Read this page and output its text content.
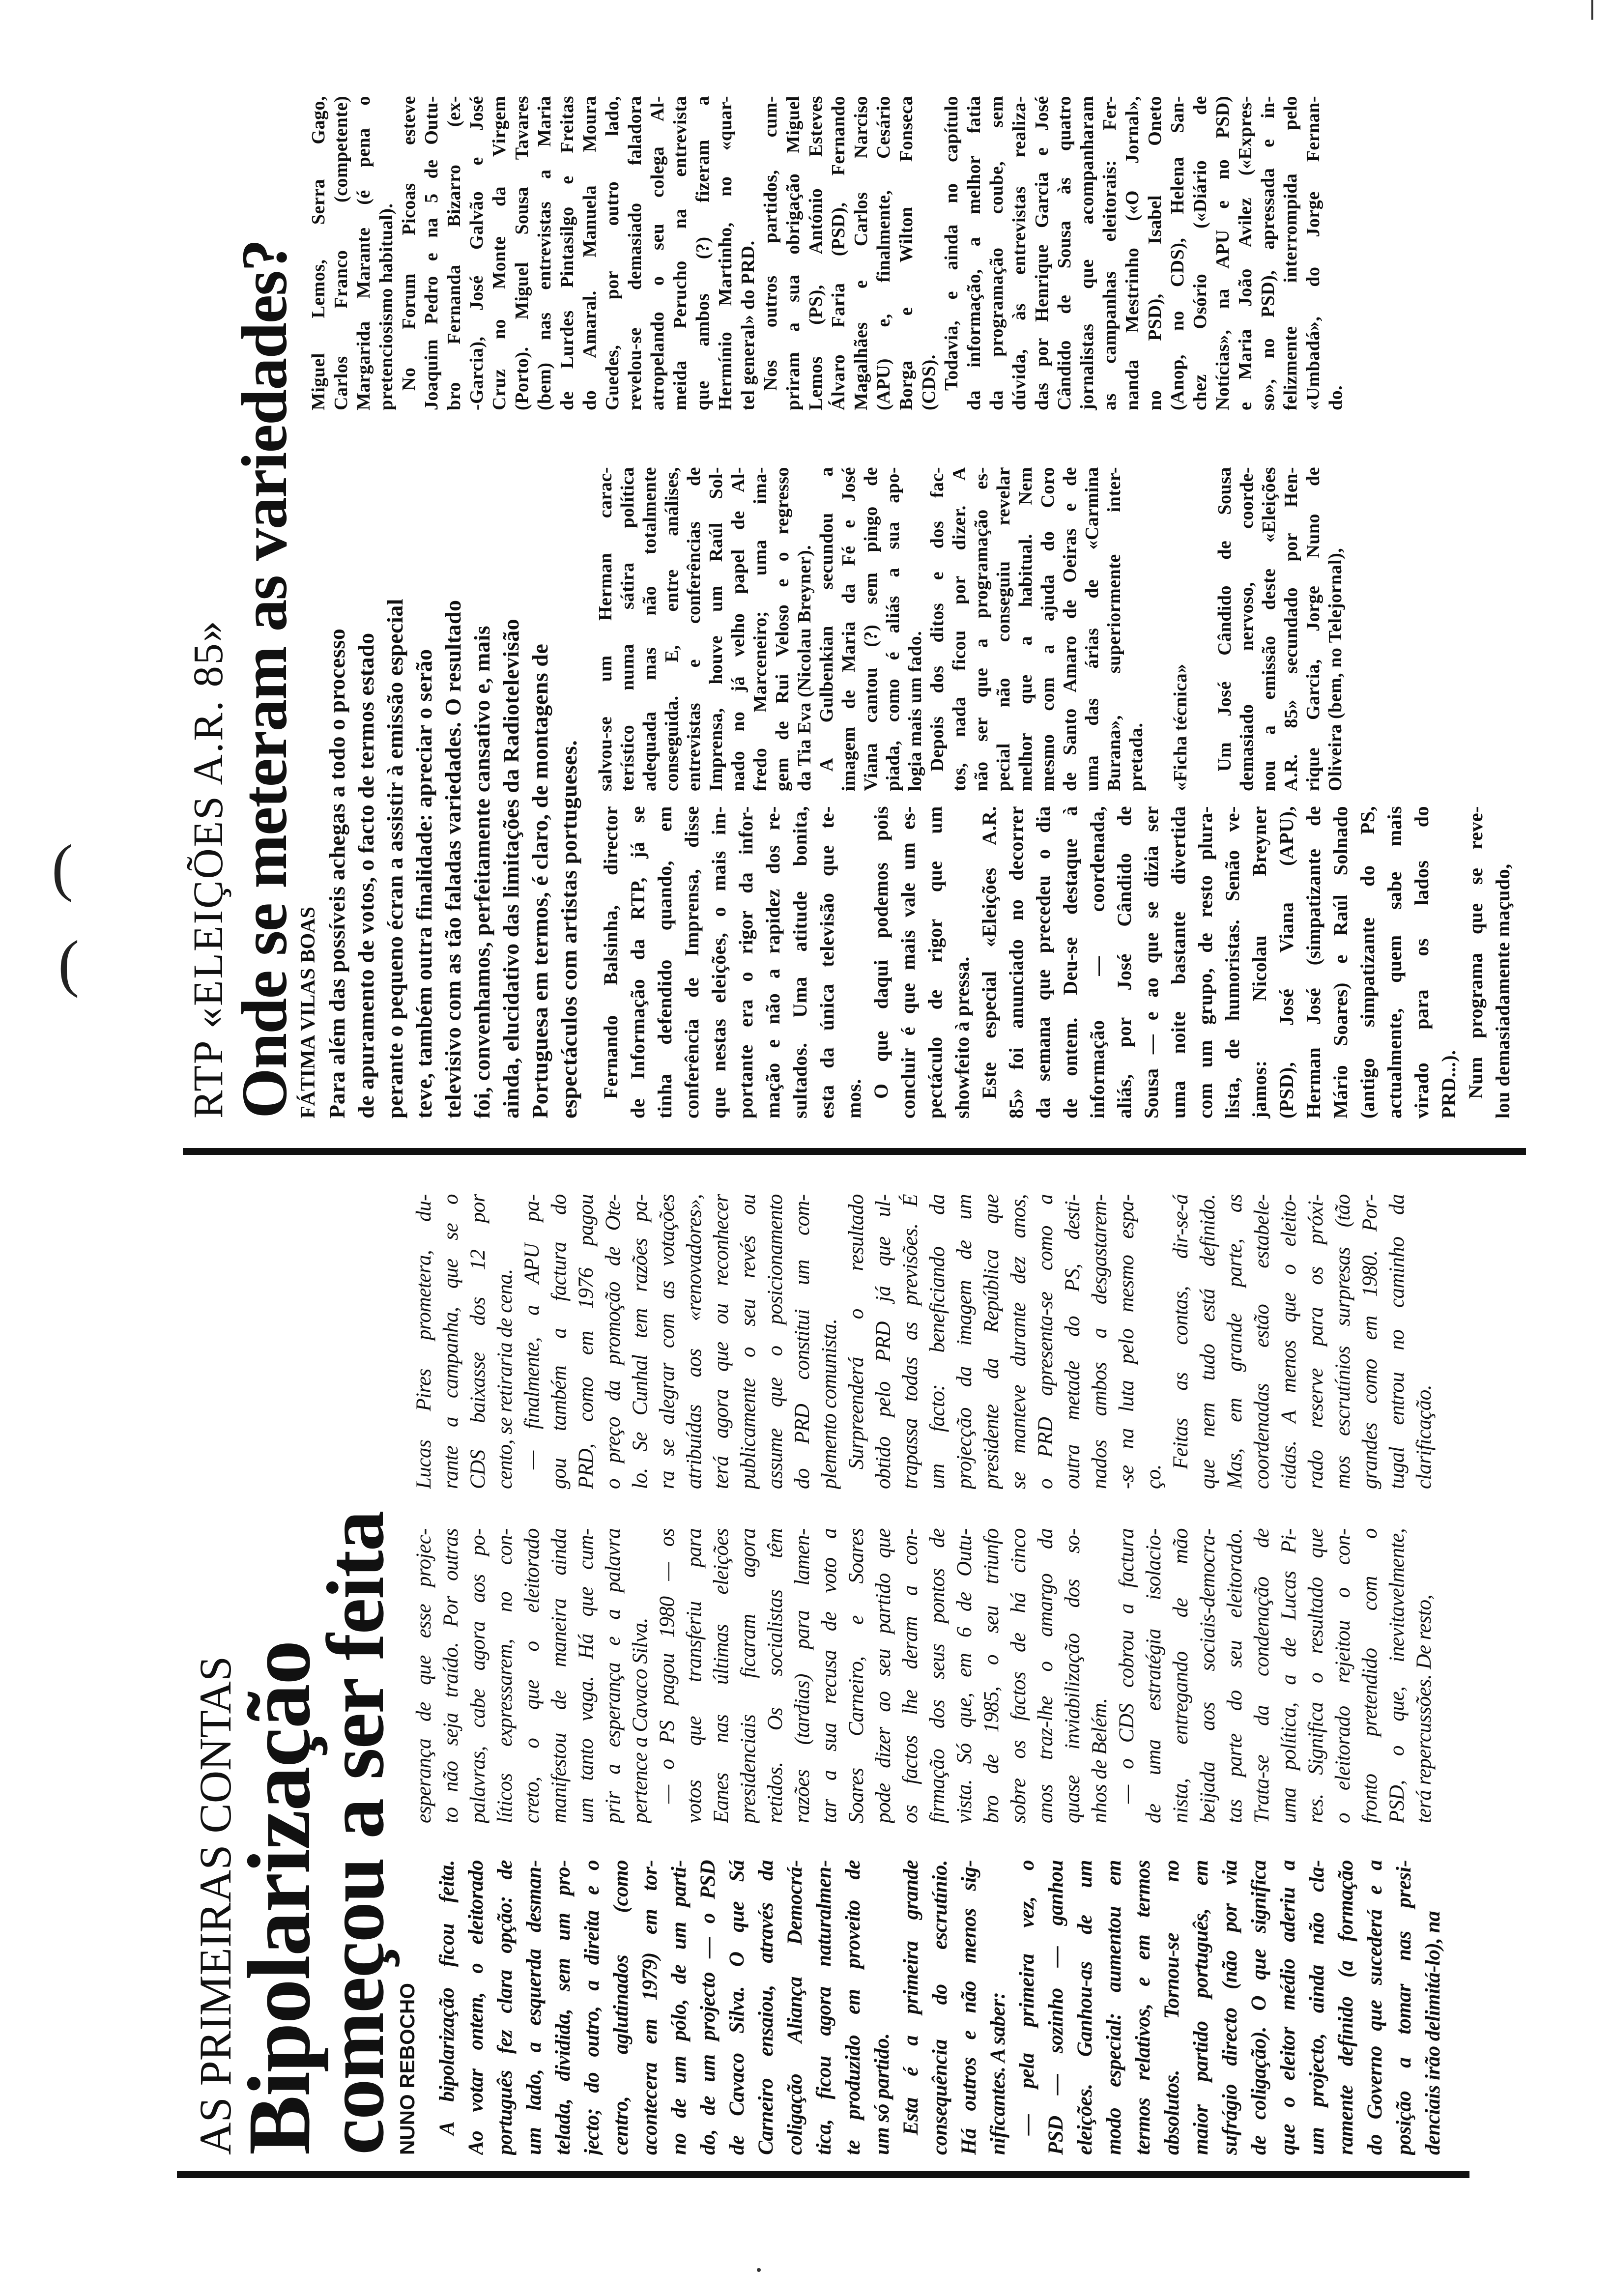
AS PRIMEIRAS CONTAS
Bipolarização
começou a ser feita
NUNO REBOCHO A bipolarização ficou feita. Ao votar ontem, o eleitorado português fez clara opção: de um lado, a esquerda desman- telada, dividida, sem um pro- jecto; do outro, a direita e o centro, aglutinados (como acontecera em 1979) em tor- no de um pólo, de um parti- do, de um projecto — o PSD de Cavaco Silva. O que Sá Carneiro ensaiou, através da coligação Aliança Democrá- tica, ficou agora naturalmen- te produzido em proveito de um só partido. Esta é a primeira grande consequência do escrutínio. Há outros e não menos sig- nificantes. A saber: — pela primeira vez, o PSD — sozinho — ganhou eleições. Ganhou-as de um modo especial: aumentou em termos relativos, e em termos absolutos. Tornou-se no maior partido português, em sufrágio directo (não por via de coligação). O que significa que o eleitor médio aderiu a um projecto, ainda não cla- ramente definido (a formação do Governo que sucederá e a posição a tomar nas presi- denciais irão delimitá-lo), na
esperança de que esse projec- to não seja traído. Por outras palavras, cabe agora aos po- líticos expressarem, no con- creto, o que o eleitorado manifestou de maneira ainda um tanto vaga. Há que cum- prir a esperança e a palavra pertence a Cavaco Silva. — o PS pagou 1980 — os votos que transferiu para Eanes nas últimas eleições presidenciais ficaram agora retidos. Os socialistas têm razões (tardias) para lamen- tar a sua recusa de voto a Soares Carneiro, e Soares pode dizer ao seu partido que os factos lhe deram a con- firmação dos seus pontos de vista. Só que, em 6 de Outu- bro de 1985, o seu triunfo sobre os factos de há cinco anos traz-lhe o amargo da quase inviabilização dos so- nhos de Belém. — o CDS cobrou a factura de uma estratégia isolacio- nista, entregando de mão beijada aos sociais-democra- tas parte do seu eleitorado. Trata-se da condenação de uma política, a de Lucas Pi- res. Significa o resultado que o eleitorado rejeitou o con- fronto pretendido com o PSD, o que, inevitavelmente, terá repercussões. De resto,
Lucas Pires prometera, du- rante a campanha, que se o CDS baixasse dos 12 por cento, se retiraria de cena. — finalmente, a APU pa- gou também a factura do PRD, como em 1976 pagou o preço da promoção de Ote- lo. Se Cunhal tem razões pa- ra se alegrar com as votações atribuídas aos «renovadores», terá agora que ou reconhecer publicamente o seu revés ou assume que o posicionamento do PRD constitui um com- plemento comunista. Surpreenderá o resultado obtido pelo PRD já que ul- trapassa todas as previsões. É um facto: beneficiando da projecção da imagem de um presidente da República que se manteve durante dez anos, o PRD apresenta-se como a outra metade do PS, desti- nados ambos a desgastarem- -se na luta pelo mesmo espa- ço.
Feitas as contas, dir-se-á que nem tudo está definido. Mas, em grande parte, as coordenadas estão estabele- cidas. A menos que o eleito- rado reserve para os próxi- mos escrutínios surpresas (tão grandes como em 1980. Por- tugal entrou no caminho da clarificação.
RTP «ELEIÇÕES A.R. 85»
Onde se meteram as variedades?
FÁTIMA VILAS BOAS Para além das possíveis achegas a todo o processo de apuramento de votos, o facto de termos estado perante o pequeno écran a assistir à emissão especial teve, também outra finalidade: apreciar o serão televisivo com as tão faladas variedades. O resultado foi, convenhamos, perfeitamente cansativo e, mais ainda, elucidativo das limitações da Radiotelevisão Portuguesa em termos, é claro, de montagens de espectáculos com artistas portugueses. Fernando Balsinha, director de Informação da RTP, já se tinha defendido quando, em conferência de Imprensa, disse que nestas eleições, o mais im- portante era o rigor da infor- mação e não a rapidez dos re- sultados. Uma atitude bonita, esta da única televisão que te- mos. O que daqui podemos pois concluir é que mais vale um es- pectáculo de rigor que um showfeito à pressa. Este especial «Eleições A.R. 85» foi anunciado no decorrer da semana que precedeu o dia de ontem. Deu-se destaque à informação — coordenada, aliás, por José Cândido de Sousa — e ao que se dizia ser uma noite bastante divertida com um grupo, de resto plura- lista, de humoristas. Senão ve- jamos: Nicolau Breyner (PSD), José Viana (APU), Herman José (simpatizante de Mário Soares) e Raúl Solnado (antigo simpatizante do PS, actualmente, quem sabe mais virado para os lados do PRD...). Num programa que se reve- lou demasiadamente maçudo,
salvou-se um Herman carac- terístico numa sátira política adequada mas não totalmente conseguida. E, entre análises, entrevistas e conferências de Imprensa, houve um Raúl Sol- nado no já velho papel de Al- fredo Marceneiro; uma ima- gem de Rui Veloso e o regresso da Tia Eva (Nicolau Breyner). A Gulbenkian secundou a imagem de Maria da Fé e José Viana cantou (?) sem pingo de piada, como é aliás a sua apo- logia mais um fado. Depois dos ditos e dos fac- tos, nada ficou por dizer. A não ser que a programação es- pecial não conseguiu revelar melhor que a habitual. Nem mesmo com a ajuda do Coro de Santo Amaro de Oeiras e de uma das árias de «Carmina Burana», superiormente inter- pretada. «Ficha técnica» Um José Cândido de Sousa demasiado nervoso, coorde- nou a emissão deste «Eleições A.R. 85» secundado por Hen- rique Garcia, Jorge Nuno de Oliveira (bem, no Telejornal),
Miguel Lemos, Serra Gago, Carlos Franco (competente) Margarida Marante (é pena o pretenciosismo habitual). No Forum Picoas esteve Joaquim Pedro e na 5 de Outu- bro Fernanda Bizarro (ex- -Garcia), José Galvão e José Cruz no Monte da Virgem (Porto). Miguel Sousa Tavares (bem) nas entrevistas a Maria de Lurdes Pintasilgo e Freitas do Amaral. Manuela Moura Guedes, por outro lado, revelou-se demasiado faladora atropelando o seu colega Al- meida Perucho na entrevista que ambos (?) fizeram a Hermínio Martinho, no «quar- tel general» do PRD. Nos outros partidos, cum- priram a sua obrigação Miguel Lemos (PS), António Esteves Álvaro Faria (PSD), Fernando Magalhães e Carlos Narciso (APU) e, finalmente, Cesário Borga e Wilton Fonseca (CDS). Todavia, e ainda no capítulo da informação, a melhor fatia da programação coube, sem dúvida, às entrevistas realiza- das por Henrique Garcia e José Cândido de Sousa às quatro jornalistas que acompanharam as campanhas eleitorais: Fer- nanda Mestrinho («O Jornal», no PSD), Isabel Oneto (Anop, no CDS), Helena San- chez Osório («Diário de Notícias», na APU e no PSD) e Maria João Avilez («Expres- so», no PSD), apressada e in- felizmente interrompida pelo «Umbadá», do Jorge Fernan- do.
(
(
